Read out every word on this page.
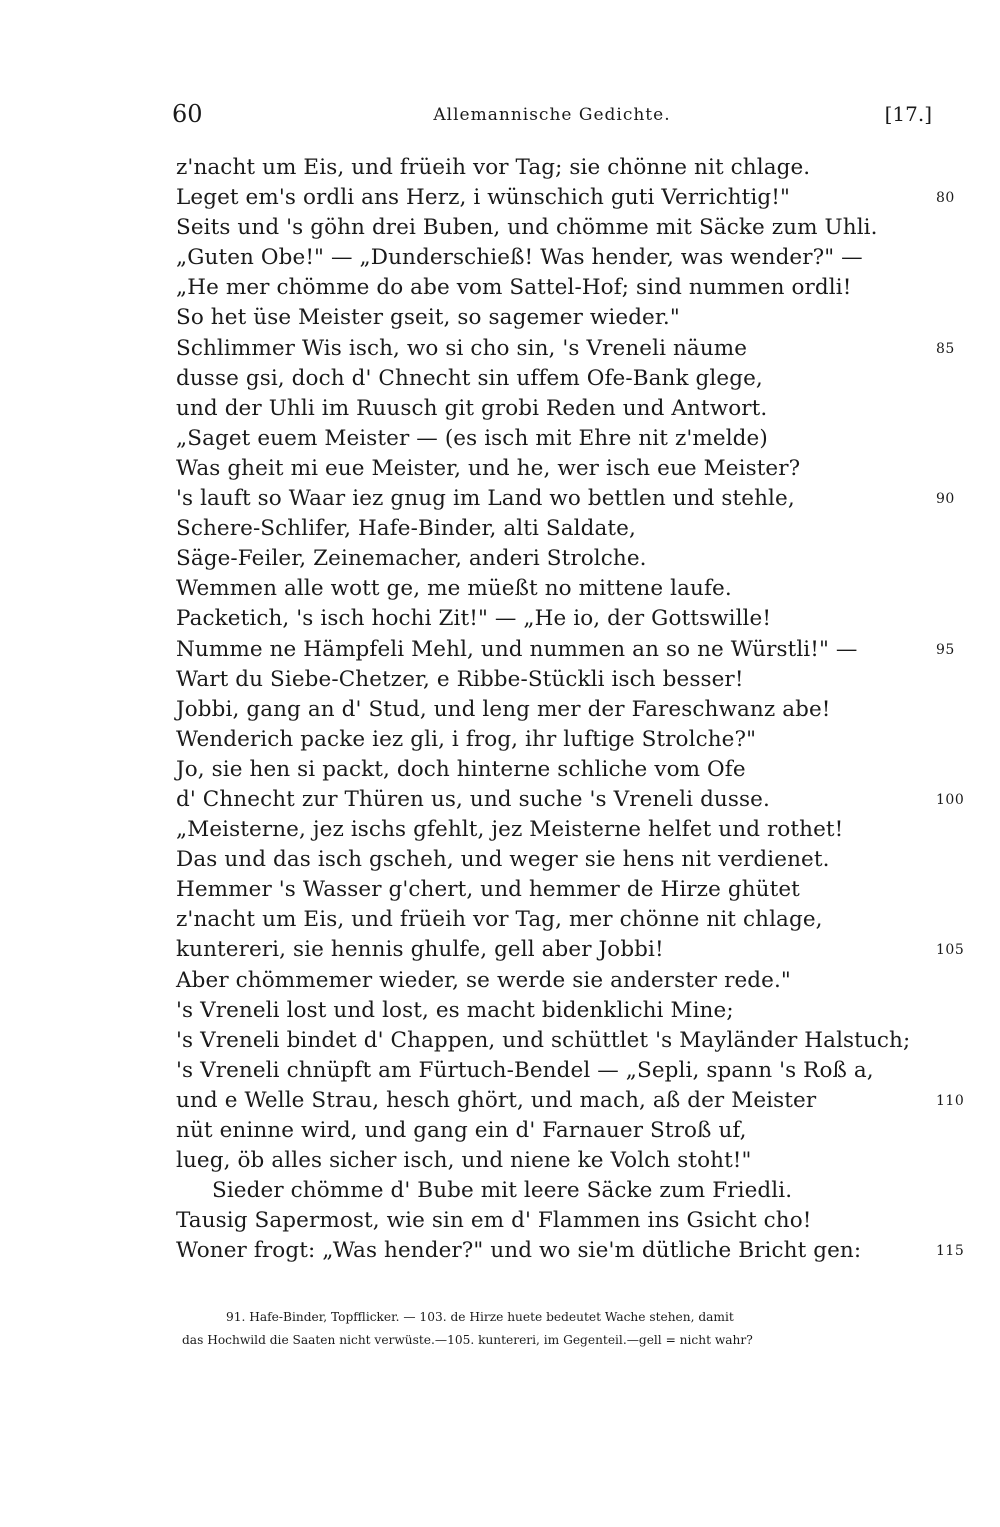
60	Allemannische Gedichte.	[17.]
z'nacht um Eis, und früeih vor Tag; sie chönne nit chlage.
Leget em's ordli ans Herz, i wünschich guti Verrichtig!"	80
Seits und 's göhn drei Buben, und chömme mit Säcke zum Uhli.
„Guten Obe!" — „Dunderschieß! Was hender, was wender?" —
„He mer chömme do abe vom Sattel-Hof; sind nummen ordli!
So het üse Meister gseit, so sagemer wieder."
Schlimmer Wis isch, wo si cho sin, 's Vreneli näume	85
dusse gsi, doch d' Chnecht sin uffem Ofe-Bank glege,
und der Uhli im Ruusch git grobi Reden und Antwort.
„Saget euem Meister — (es isch mit Ehre nit z'melde)
Was gheit mi eue Meister, und he, wer isch eue Meister?
's lauft so Waar iez gnug im Land wo bettlen und stehle,	90
Schere-Schlifer, Hafe-Binder, alti Saldate,
Säge-Feiler, Zeinemacher, anderi Strolche.
Wemmen alle wott ge, me müeßt no mittene laufe.
Packetich, 's isch hochi Zit!" — „He io, der Gottswille!
Numme ne Hämpfeli Mehl, und nummen an so ne Würstli!" —	95
Wart du Siebe-Chetzer, e Ribbe-Stückli isch besser!
Jobbi, gang an d' Stud, und leng mer der Fareschwanz abe!
Wenderich packe iez gli, i frog, ihr luftige Strolche?"
Jo, sie hen si packt, doch hinterne schliche vom Ofe
d' Chnecht zur Thüren us, und suche 's Vreneli dusse.	100
„Meisterne, jez ischs gfehlt, jez Meisterne helfet und rothet!
Das und das isch gscheh, und weger sie hens nit verdienet.
Hemmer 's Wasser g'chert, und hemmer de Hirze ghütet
z'nacht um Eis, und früeih vor Tag, mer chönne nit chlage,
kuntereri, sie hennis ghulfe, gell aber Jobbi!	105
Aber chömmemer wieder, se werde sie anderster rede."
's Vreneli lost und lost, es macht bidenklichi Mine;
's Vreneli bindet d' Chappen, und schüttlet 's Mayländer Halstuch;
's Vreneli chnüpft am Fürtuch-Bendel — „Sepli, spann 's Roß a,
und e Welle Strau, hesch ghört, und mach, aß der Meister	110
nüt eninne wird, und gang ein d' Farnauer Stroß uf,
lueg, öb alles sicher isch, und niene ke Volch stoht!"
Sieder chömme d' Bube mit leere Säcke zum Friedli.
Tausig Sapermost, wie sin em d' Flammen ins Gsicht cho!
Woner frogt: „Was hender?" und wo sie'm dütliche Bricht gen:	115
91. Hafe-Binder, Topfflicker. — 103. de Hirze huete bedeutet Wache stehen, damit
das Hochwild die Saaten nicht verwüste.—105. kuntereri, im Gegenteil.—gell = nicht wahr?
